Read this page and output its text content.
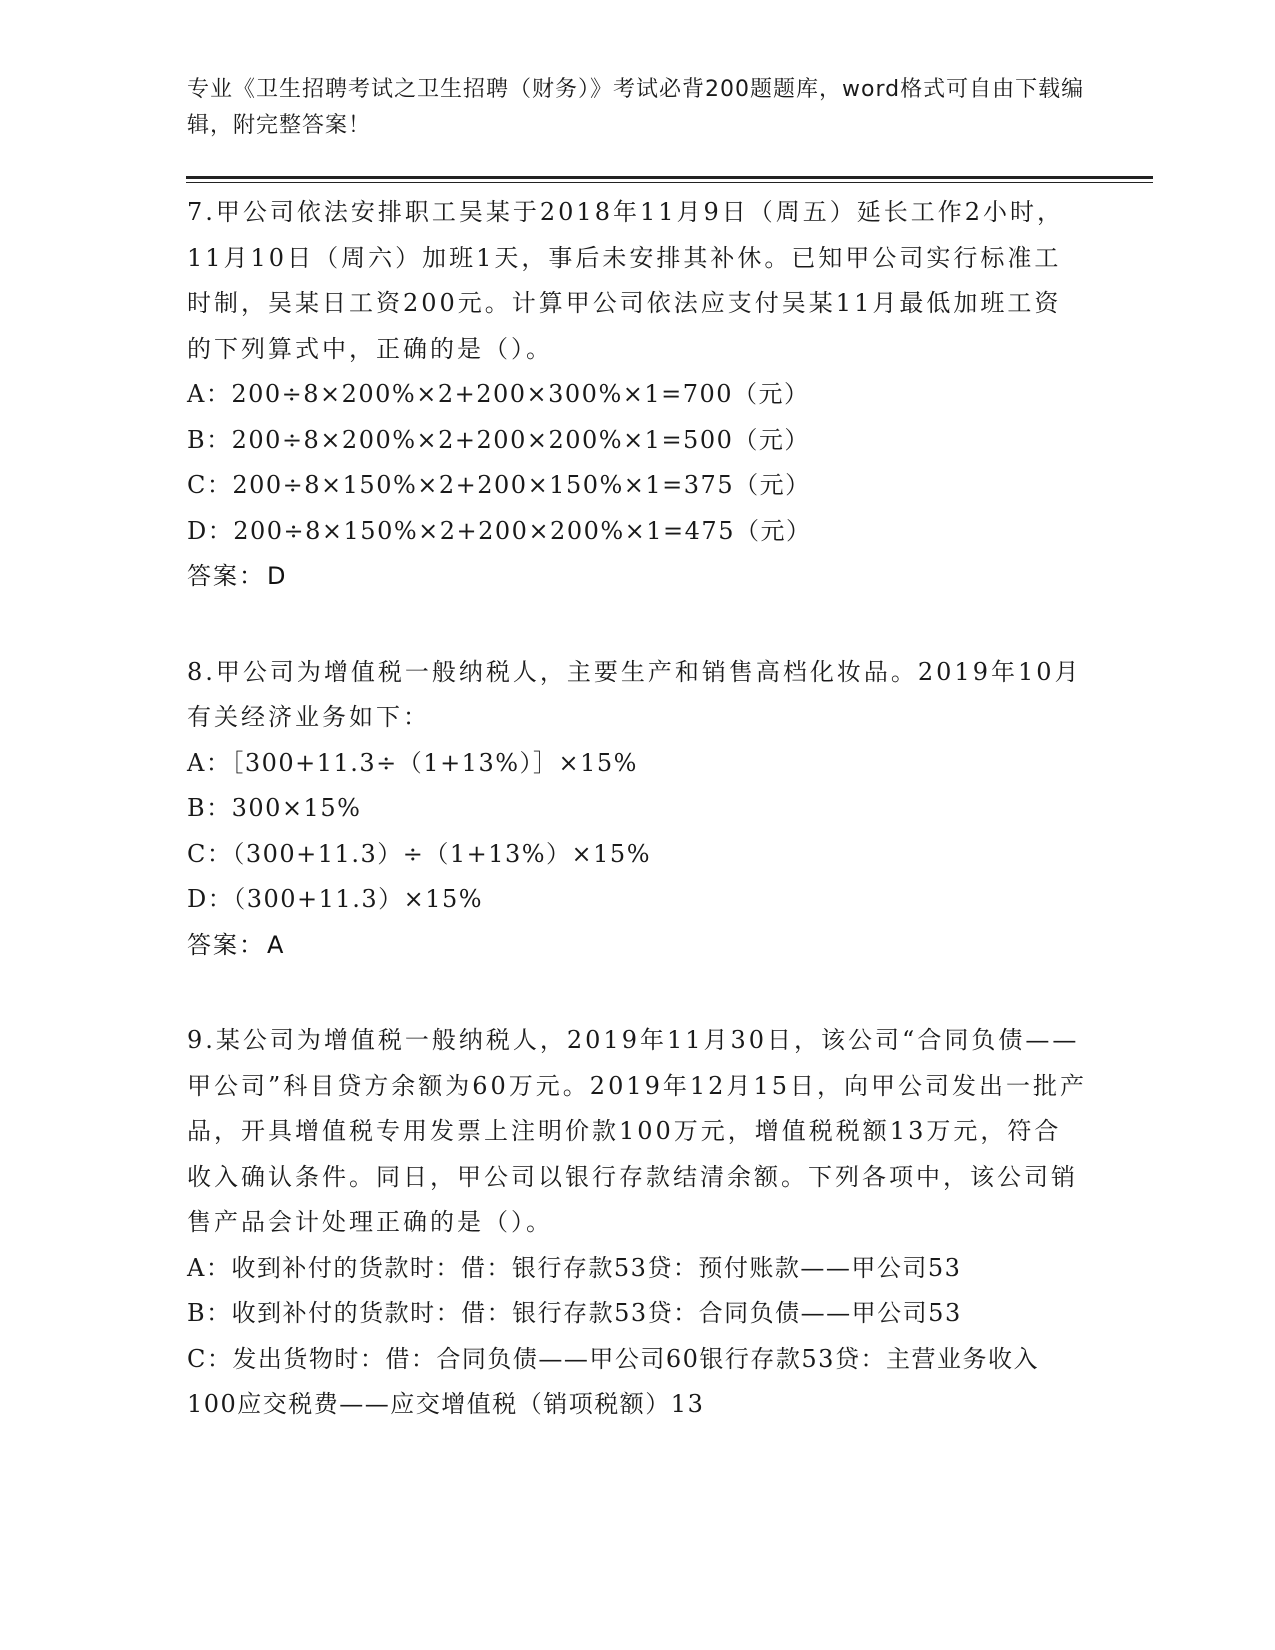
专业《卫生招聘考试之卫生招聘（财务）》考试必背200题题库，word格式可自由下载编辑，附完整答案！

7.甲公司依法安排职工吴某于2018年11月9日（周五）延长工作2小时，11月10日（周六）加班1天，事后未安排其补休。已知甲公司实行标准工时制，吴某日工资200元。计算甲公司依法应支付吴某11月最低加班工资的下列算式中，正确的是（）。

A：200÷8×200%×2+200×300%×1=700（元）

B：200÷8×200%×2+200×200%×1=500（元）

C：200÷8×150%×2+200×150%×1=375（元）

D：200÷8×150%×2+200×200%×1=475（元）

答案：D

8.甲公司为增值税一般纳税人，主要生产和销售高档化妆品。2019年10月有关经济业务如下：

A：［300+11.3÷（1+13%）］×15%

B：300×15%

C：（300+11.3）÷（1+13%）×15%

D：（300+11.3）×15%

答案：A

9.某公司为增值税一般纳税人，2019年11月30日，该公司“合同负债——甲公司”科目贷方余额为60万元。2019年12月15日，向甲公司发出一批产品，开具增值税专用发票上注明价款100万元，增值税税额13万元，符合收入确认条件。同日，甲公司以银行存款结清余额。下列各项中，该公司销售产品会计处理正确的是（）。

A：收到补付的货款时：借：银行存款53贷：预付账款——甲公司53

B：收到补付的货款时：借：银行存款53贷：合同负债——甲公司53

C：发出货物时：借：合同负债——甲公司60银行存款53贷：主营业务收入100应交税费——应交增值税（销项税额）13
